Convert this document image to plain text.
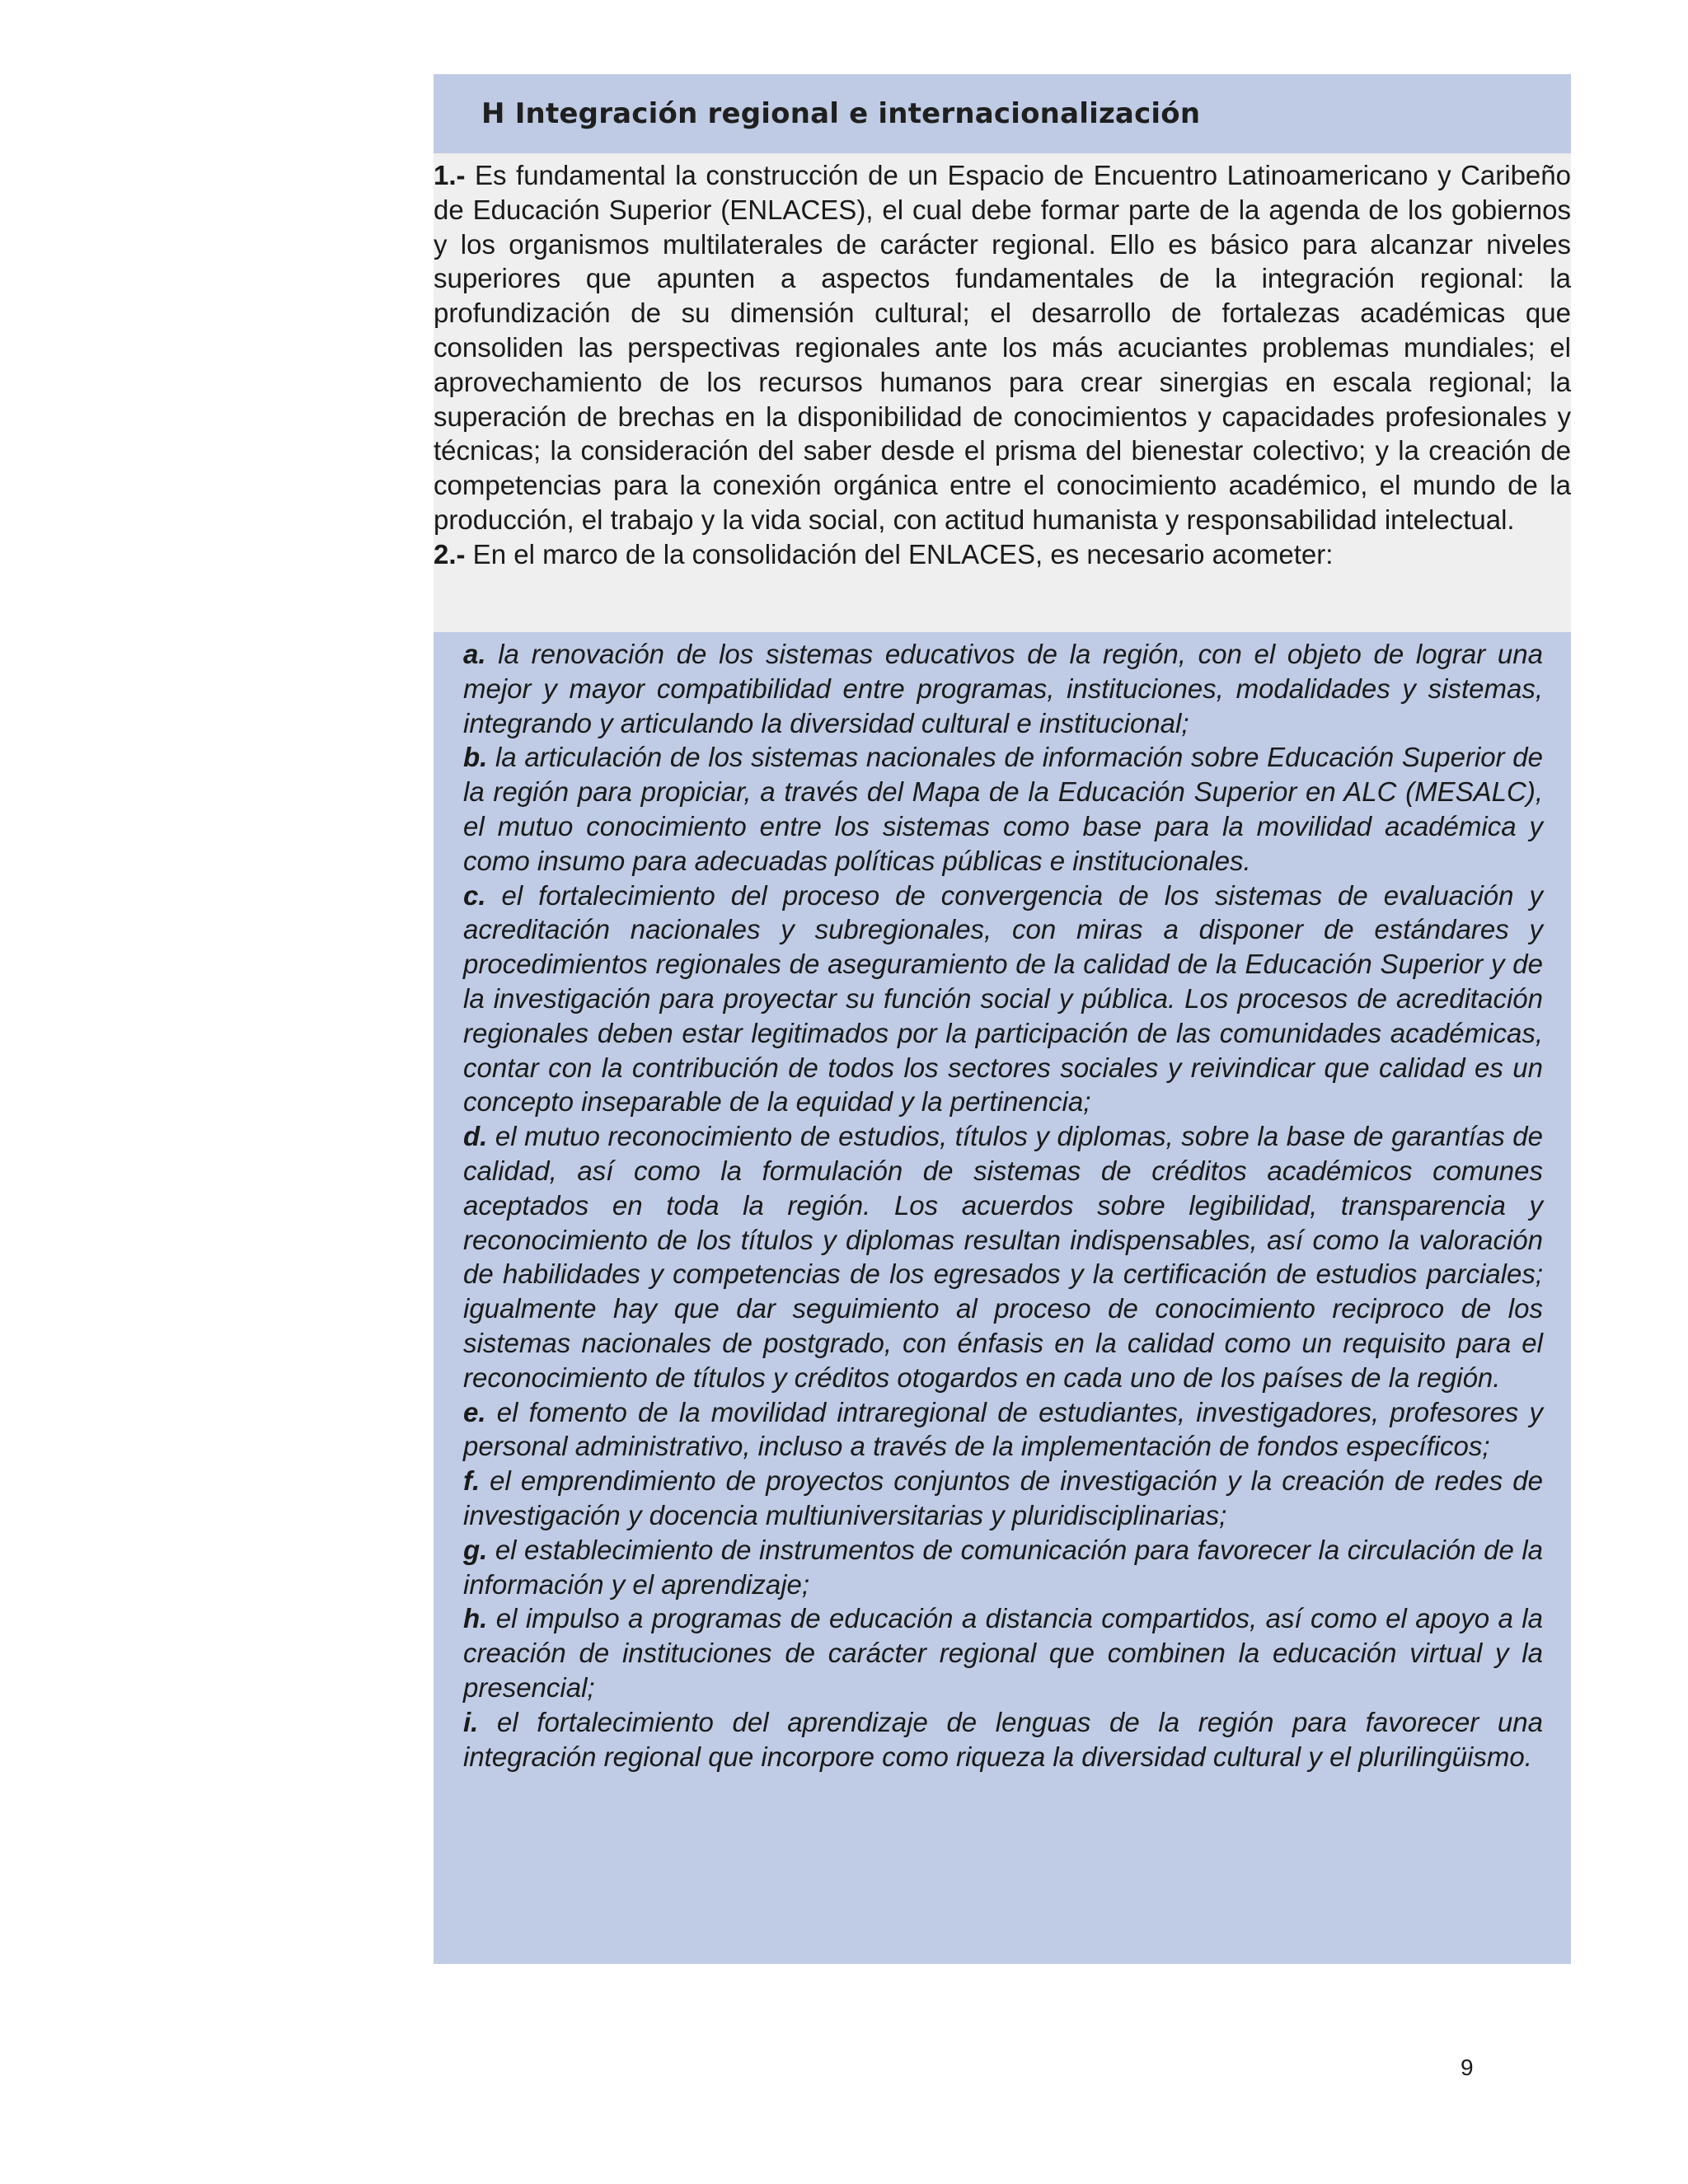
H Integración regional e internacionalización

1.- Es fundamental la construcción de un Espacio de Encuentro Latinoamericano y Caribeño de Educación Superior (ENLACES), el cual debe formar parte de la agenda de los gobiernos y los organismos multilaterales de carácter regional. Ello es básico para alcanzar niveles superiores que apunten a aspectos fundamentales de la integración regional: la profundización de su dimensión cultural; el desarrollo de fortalezas académicas que consoliden las perspectivas regionales ante los más acuciantes problemas mundiales; el aprovechamiento de los recursos humanos para crear sinergias en escala regional; la superación de brechas en la disponibilidad de conocimientos y capacidades profesionales y técnicas; la consideración del saber desde el prisma del bienestar colectivo; y la creación de competencias para la conexión orgánica entre el conocimiento académico, el mundo de la producción, el trabajo y la vida social, con actitud humanista y responsabilidad intelectual.

2.- En el marco de la consolidación del ENLACES, es necesario acometer:

a. la renovación de los sistemas educativos de la región, con el objeto de lograr una mejor y mayor compatibilidad entre programas, instituciones, modalidades y sistemas, integrando y articulando la diversidad cultural e institucional;

b. la articulación de los sistemas nacionales de información sobre Educación Superior de la región para propiciar, a través del Mapa de la Educación Superior en ALC (MESALC), el mutuo conocimiento entre los sistemas como base para la movilidad académica y como insumo para adecuadas políticas públicas e institucionales.

c. el fortalecimiento del proceso de convergencia de los sistemas de evaluación y acreditación nacionales y subregionales, con miras a disponer de estándares y procedimientos regionales de aseguramiento de la calidad de la Educación Superior y de la investigación para proyectar su función social y pública. Los procesos de acreditación regionales deben estar legitimados por la participación de las comunidades académicas, contar con la contribución de todos los sectores sociales y reivindicar que calidad es un concepto inseparable de la equidad y la pertinencia;

d. el mutuo reconocimiento de estudios, títulos y diplomas, sobre la base de garantías de calidad, así como la formulación de sistemas de créditos académicos comunes aceptados en toda la región. Los acuerdos sobre legibilidad, transparencia y reconocimiento de los títulos y diplomas resultan indispensables, así como la valoración de habilidades y competencias de los egresados y la certificación de estudios parciales; igualmente hay que dar seguimiento al proceso de conocimiento reciproco de los sistemas nacionales de postgrado, con énfasis en la calidad como un requisito para el reconocimiento de títulos y créditos otogardos en cada uno de los países de la región.

e. el fomento de la movilidad intraregional de estudiantes, investigadores, profesores y personal administrativo, incluso a través de la implementación de fondos específicos;

f. el emprendimiento de proyectos conjuntos de investigación y la creación de redes de investigación y docencia multiuniversitarias y pluridisciplinarias;

g. el establecimiento de instrumentos de comunicación para favorecer la circulación de la información y el aprendizaje;

h. el impulso a programas de educación a distancia compartidos, así como el apoyo a la creación de instituciones de carácter regional que combinen la educación virtual y la presencial;

i. el fortalecimiento del aprendizaje de lenguas de la región para favorecer una integración regional que incorpore como riqueza la diversidad cultural y el plurilingüismo.

9
